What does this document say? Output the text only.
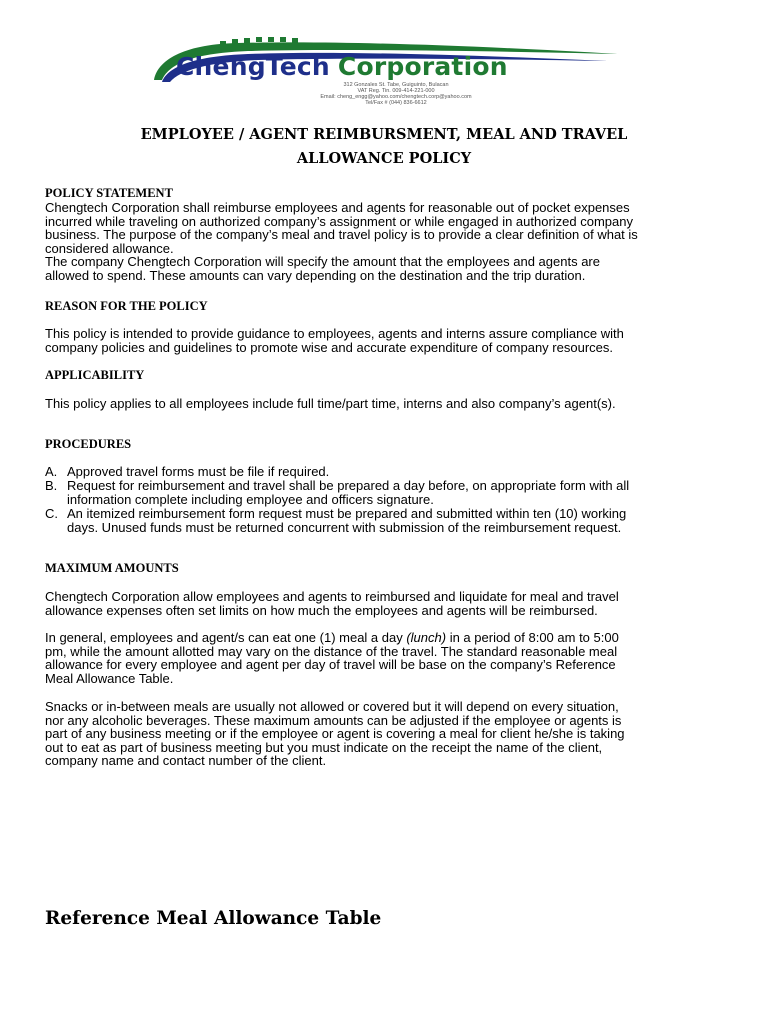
ChengTech Corporation
312 Gonzales St. Tabe, Guiguinto, Bulacan
VAT Reg. Tin. 009-414-221-000
Email: cheng_engg@yahoo.com/chengtech.corp@yahoo.com
Tel/Fax # (044) 836-6612
EMPLOYEE / AGENT REIMBURSMENT, MEAL AND TRAVEL
ALLOWANCE POLICY
POLICY STATEMENT
Chengtech Corporation shall reimburse employees and agents for reasonable out of pocket expenses
incurred while traveling on authorized company’s assignment or while engaged in authorized company
business. The purpose of the company’s meal and travel policy is to provide a clear definition of what is
considered allowance.
The company Chengtech Corporation will specify the amount that the employees and agents are
allowed to spend. These amounts can vary depending on the destination and the trip duration.
REASON FOR THE POLICY
This policy is intended to provide guidance to employees, agents and interns assure compliance with
company policies and guidelines to promote wise and accurate expenditure of company resources.
APPLICABILITY
This policy applies to all employees include full time/part time, interns and also company’s agent(s).
PROCEDURES
A. Approved travel forms must be file if required.
B. Request for reimbursement and travel shall be prepared a day before, on appropriate form with all
information complete including employee and officers signature.
C. An itemized reimbursement form request must be prepared and submitted within ten (10) working
days. Unused funds must be returned concurrent with submission of the reimbursement request.
MAXIMUM AMOUNTS
Chengtech Corporation allow employees and agents to reimbursed and liquidate for meal and travel
allowance expenses often set limits on how much the employees and agents will be reimbursed.
In general, employees and agent/s can eat one (1) meal a day (lunch) in a period of 8:00 am to 5:00
pm, while the amount allotted may vary on the distance of the travel. The standard reasonable meal
allowance for every employee and agent per day of travel will be base on the company’s Reference
Meal Allowance Table.
Snacks or in-between meals are usually not allowed or covered but it will depend on every situation,
nor any alcoholic beverages. These maximum amounts can be adjusted if the employee or agents is
part of any business meeting or if the employee or agent is covering a meal for client he/she is taking
out to eat as part of business meeting but you must indicate on the receipt the name of the client,
company name and contact number of the client.
Reference Meal Allowance Table
